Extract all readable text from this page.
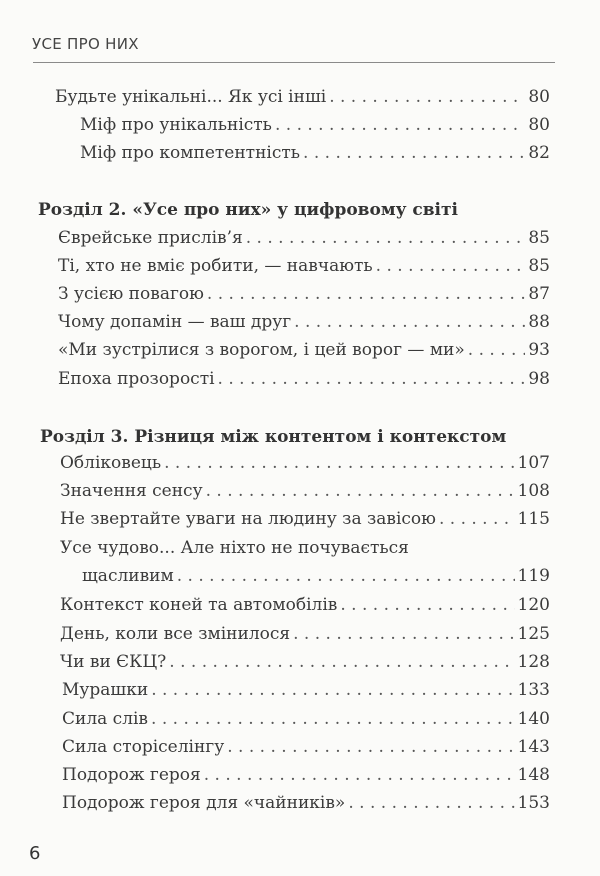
УСЕ ПРО НИХ
Будьте унікальні... Як усі інші . . .	80
Міф про унікальність . . .	80
Міф про компетентність . . .	82
Розділ 2. «Усе про них» у цифровому світі
Єврейське прислів’я . . .	85
Ті, хто не вміє робити, — навчають . . .	85
З усією повагою . . .	87
Чому допамін — ваш друг . . .	88
«Ми зустрілися з ворогом, і цей ворог — ми» . . .	93
Епоха прозорості . . .	98
Розділ 3. Різниця між контентом і контекстом
Обліковець . . .	107
Значення сенсу . . .	108
Не звертайте уваги на людину за завісою . . .	115
Усе чудово... Але ніхто не почувається
щасливим . . .	119
Контекст коней та автомобілів . . .	120
День, коли все змінилося . . .	125
Чи ви ЄКЦ? . . .	128
Мурашки . . .	133
Сила слів . . .	140
Сила сторіселінгу . . .	143
Подорож героя . . .	148
Подорож героя для «чайників» . . .	153
6
